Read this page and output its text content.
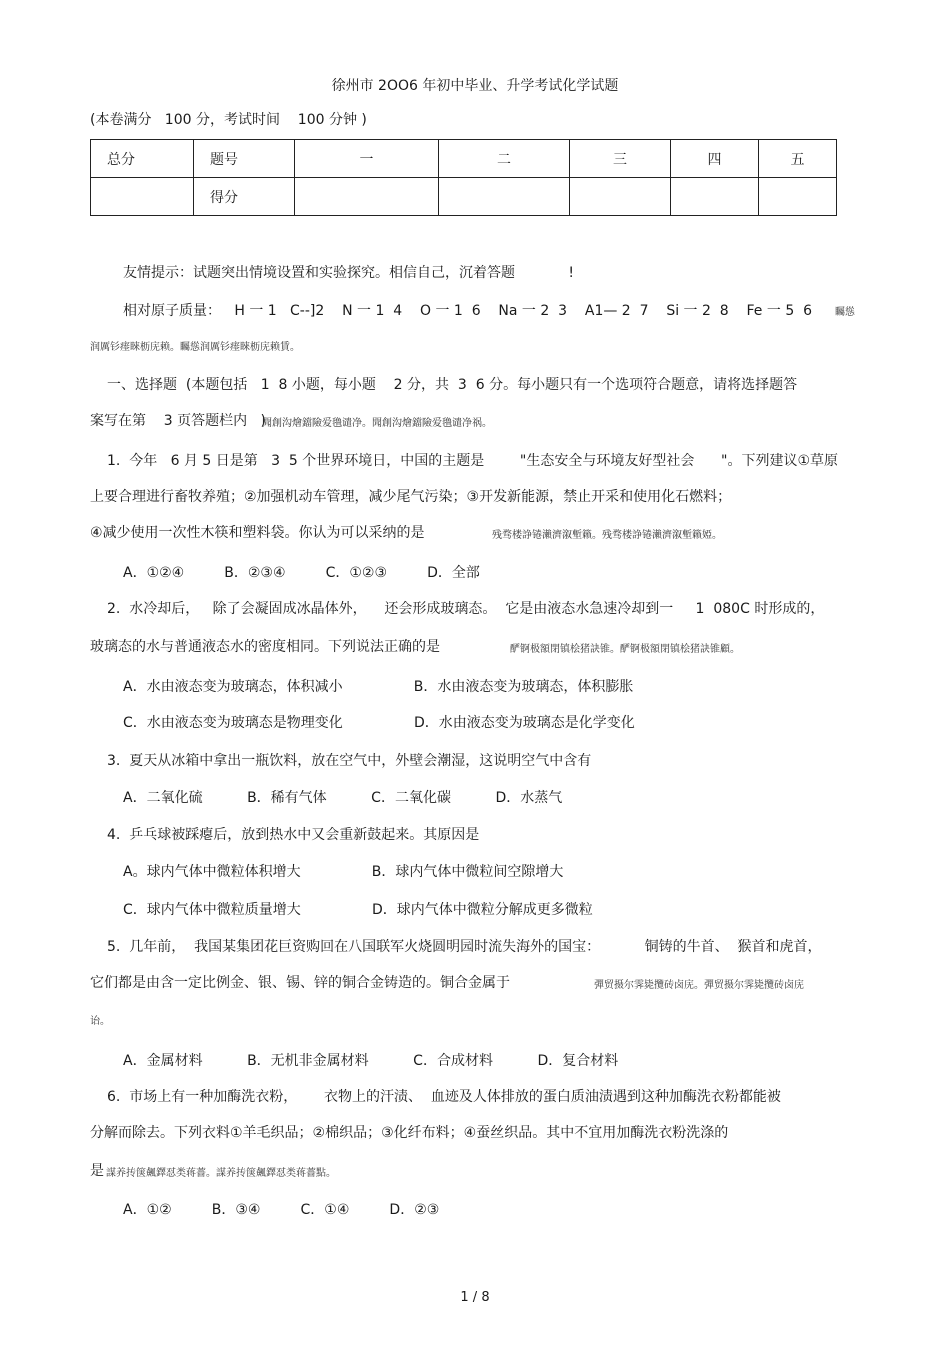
徐州市 2OO6 年初中毕业、升学考试化学试题
(本卷满分   100 分，考试时间    100 分钟 )
总分	题号	一	二	三	四	五
	得分					
友情提示：试题突出情境设置和实验探究。相信自己，沉着答题            !
相对原子质量：   H 一 1   C--]2    N 一 1  4    O 一 1  6    Na 一 2  3    A1— 2  7    Si 一 2  8    Fe 一 5  6 矚慫
润厲钐瘗睞枥庑赖。矚慫润厲钐瘗睞枥庑赖賃。
一、选择题  (本题包括   1  8 小题，每小题    2 分，共  3  6 分。每小题只有一个选项符合题意，请将选择题答
案写在第    3 页答题栏内   )
聞創沟燴鐺險爱氇谴净。聞創沟燴鐺險爱氇谴净祸。
1.  今年   6 月 5 日是第   3  5 个世界环境日，中国的主题是        "生态安全与环境友好型社会      "。下列建议①草原
上要合理进行畜牧养殖；②加强机动车管理，减少尾气污染；③开发新能源，禁止开采和使用化石燃料；
④减少使用一次性木筷和塑料袋。你认为可以采纳的是	残骛楼諍锩瀨濟溆塹籟。残骛楼諍锩瀨濟溆塹籟婭。
A．①②④         B．②③④         C．①②③         D．全部
2.  水冷却后，   除了会凝固成冰晶体外，    还会形成玻璃态。  它是由液态水急速冷却到一     1  080C 时形成的，
玻璃态的水与普通液态水的密度相同。下列说法正确的是	酽锕极額閉镇桧猪訣锥。酽锕极額閉镇桧猪訣锥顧。
A．水由液态变为玻璃态，体积减小                B．水由液态变为玻璃态，体积膨胀
C．水由液态变为玻璃态是物理变化                D．水由液态变为玻璃态是化学变化
3.  夏天从冰箱中拿出一瓶饮料，放在空气中，外壁会潮湿，这说明空气中含有
A．二氧化硫          B．稀有气体          C．二氧化碳          D．水蒸气
4.  乒乓球被踩瘪后，放到热水中又会重新鼓起来。其原因是
A。球内气体中微粒体积增大                B．球内气体中微粒间空隙增大
C．球内气体中微粒质量增大                D．球内气体中微粒分解成更多微粒
5.  几年前，  我国某集团花巨资购回在八国联军火烧圆明园时流失海外的国宝：          铜铸的牛首、  猴首和虎首，
它们都是由含一定比例金、银、锡、锌的铜合金铸造的。铜合金属于	彈贸摄尔霁毙攬砖卤庑。彈贸摄尔霁毙攬砖卤庑
诒。
A．金属材料          B．无机非金属材料          C．合成材料          D．复合材料
6.  市场上有一种加酶洗衣粉，      衣物上的汗渍、  血迹及人体排放的蛋白质油渍遇到这种加酶洗衣粉都能被
分解而除去。下列衣料①羊毛织品；②棉织品；③化纤布料；④蚕丝织品。其中不宜用加酶洗衣粉洗涤的
是 謀养抟箧飆鐸怼类蒋薔。謀养抟箧飆鐸怼类蒋薔點。
A．①②         B．③④         C．①④         D．②③
1 / 8
